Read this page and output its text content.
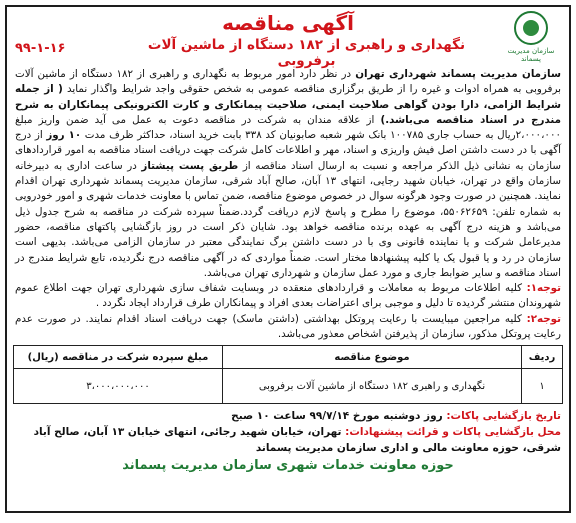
سازمان مدیریت پسماند
آگهی مناقصه
نگهداری و راهبری از ۱۸۲ دستگاه از ماشین آلات برفروبی
۹۹-۱-۱۶
سازمان مدیریت پسماند شهرداری تهران در نظر دارد امور مربوط به نگهداری و راهبری از ۱۸۲ دستگاه از ماشین آلات برفروبی به همراه ادوات و غیره را از طریق برگزاری مناقصه عمومی به شخص حقوقی واجد شرایط واگذار نماید ( از جمله شرایط الزامی، دارا بودن گواهی صلاحیت ایمنی، صلاحیت پیمانکاری و کارت الکترونیکی پیمانکاران به شرح مندرج در اسناد مناقصه می‌باشد.) از علاقه مندان به شرکت در مناقصه دعوت به عمل می آید ضمن واریز مبلغ ۲،۰۰۰،۰۰۰ریال به حساب جاری ۱۰۰۷۸۵ بانک شهر شعبه صابونیان کد ۳۳۸ بابت خرید اسناد، حداکثر ظرف مدت ۱۰ روز از درج آگهی با در دست داشتن اصل فیش واریزی و اسناد، مهر و اطلاعات کامل شرکت جهت دریافت اسناد مناقصه به امور قراردادهای سازمان به نشانی ذیل الذکر مراجعه و نسبت به ارسال اسناد مناقصه از طریق پست پیشتاز در ساعت اداری به دبیرخانه سازمان واقع در تهران، خیابان شهید رجایی، انتهای ۱۳ آبان، صالح آباد شرقی، سازمان مدیریت پسماند شهرداری تهران اقدام نمایند. همچنین در صورت وجود هرگونه سوال در خصوص موضوع مناقصه، ضمن تماس با معاونت خدمات شهری و امور خودرویی به شماره تلفن: ۵۵۰۶۲۶۵۹، موضوع را مطرح و پاسخ لازم دریافت گردد.ضمناً سپرده شرکت در مناقصه به شرح جدول ذیل می‌باشد و هزینه درج آگهی به عهده برنده مناقصه خواهد بود. شایان ذکر است در روز بازگشایی پاکتهای مناقصه، حضور مدیرعامل شرکت و یا نماینده قانونی وی با در دست داشتن برگ نمایندگی معتبر در سازمان الزامی می‌باشد. بدیهی است سازمان در رد و یا قبول یک یا کلیه پیشنهادها مختار است. ضمناً مواردی که در آگهی مناقصه درج نگردیده، تابع شرایط مندرج در اسناد مناقصه و سایر ضوابط جاری و مورد عمل سازمان و شهرداری تهران می‌باشد.
توجه۱: کلیه اطلاعات مربوط به معاملات و قراردادهای منعقده در وبسایت شفاف سازی شهرداری تهران جهت اطلاع عموم شهروندان منتشر گردیده تا دلیل و موجبی برای اعتراضات بعدی افراد و پیمانکاران طرف قرارداد ایجاد نگردد .
توجه۲: کلیه مراجعین میبایست با رعایت پروتکل بهداشتی (داشتن ماسک) جهت دریافت اسناد اقدام نمایند. در صورت عدم رعایت پروتکل مذکور، سازمان از پذیرفتن اشخاص معذور می‌باشد.
ردیف	موضوع مناقصه	مبلغ سپرده شرکت در مناقصه (ریال)
۱	نگهداری و راهبری ۱۸۲ دستگاه از ماشین آلات برفروبی	۳،۰۰۰،۰۰۰،۰۰۰
تاریخ بازگشایی پاکات: روز دوشنبه مورخ ۹۹/۷/۱۴ ساعت ۱۰ صبح
محل بازگشایی پاکات و قرائت پیشنهادات: تهران، خیابان شهید رجائی، انتهای خیابان ۱۳ آبان، صالح آباد شرقی، حوزه معاونت مالی و اداری سازمان مدیریت پسماند
حوزه معاونت خدمات شهری سازمان مدیریت پسماند
